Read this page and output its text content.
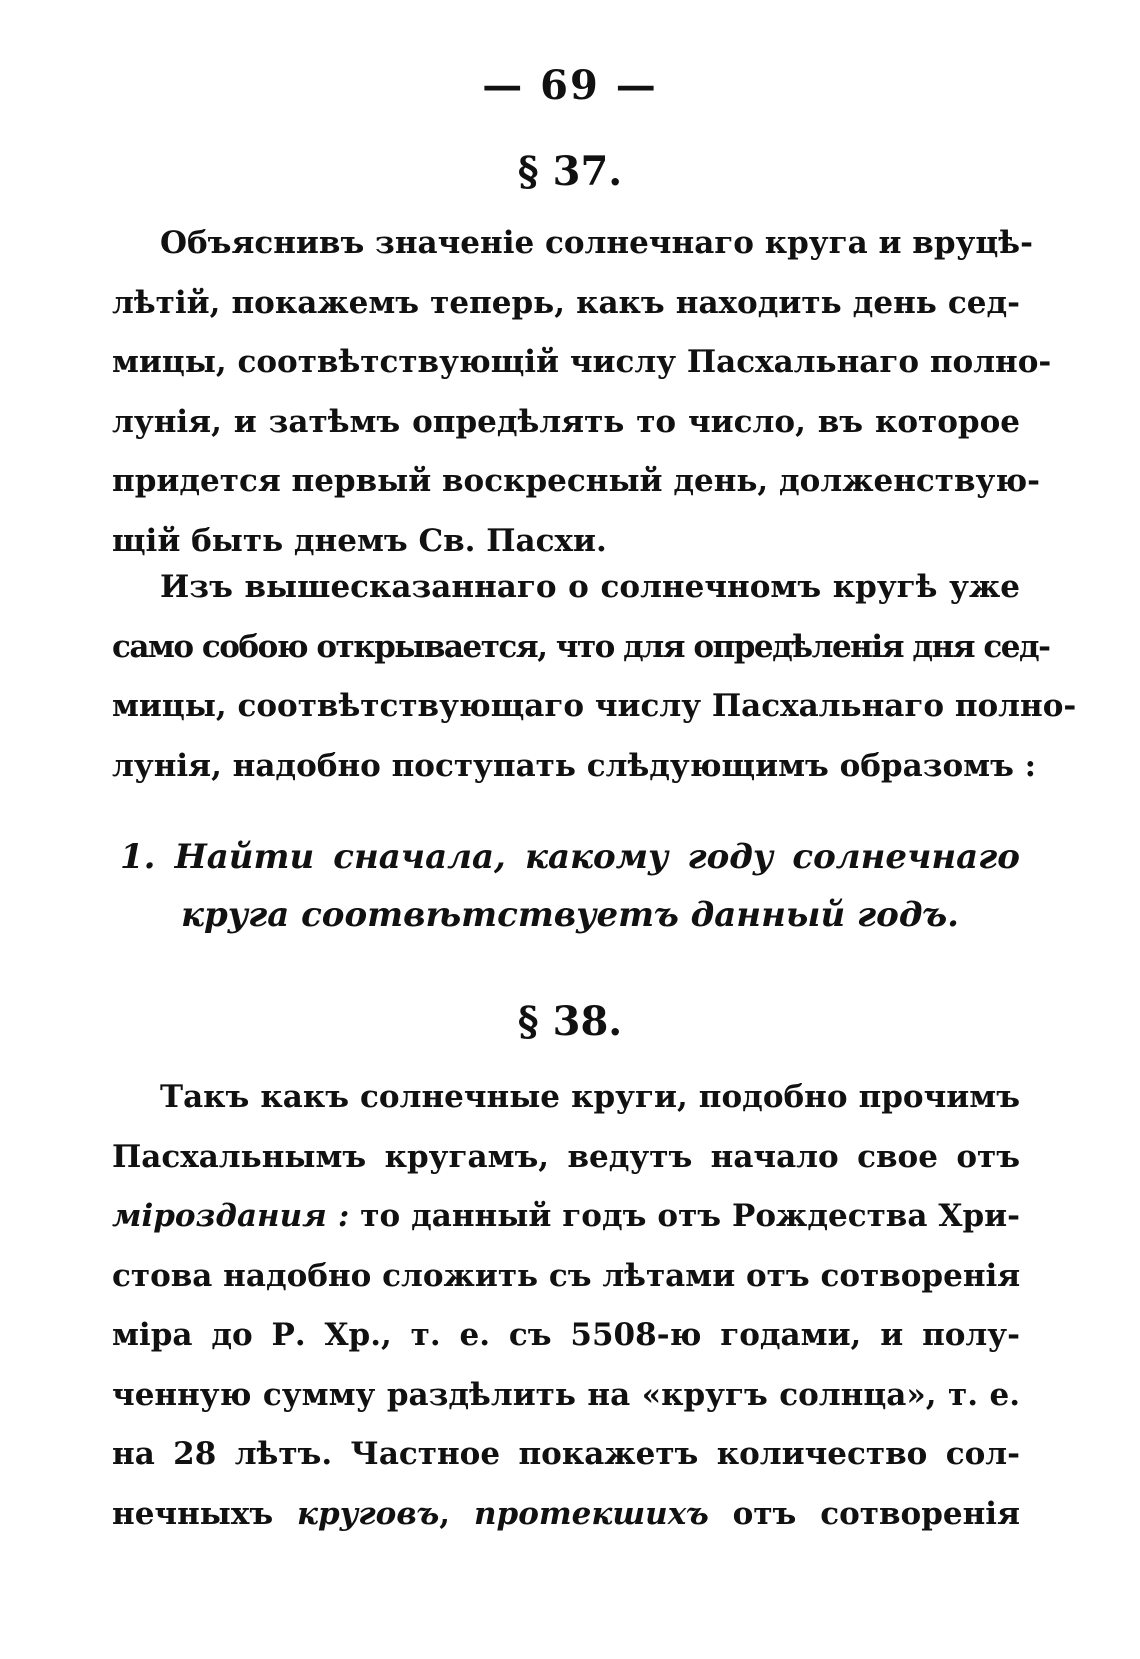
— 69 —
§ 37.
Объяснивъ значеніе солнечнаго круга и вруцѣ-
лѣтій, покажемъ теперь, какъ находить день сед-
мицы, соотвѣтствующій числу Пасхальнаго полно-
лунія, и затѣмъ опредѣлять то число, въ которое
придется первый воскресный день, долженствую-
щій быть днемъ Св. Пасхи.
Изъ вышесказаннаго о солнечномъ кругѣ уже
само собою открывается, что для опредѣленія дня сед-
мицы, соотвѣтствующаго числу Пасхальнаго полно-
лунія, надобно поступать слѣдующимъ образомъ :
1. Найти сначала, какому году солнечнаго
круга соотвѣтствуетъ данный годъ.
§ 38.
Такъ какъ солнечные круги, подобно прочимъ
Пасхальнымъ кругамъ, ведутъ начало свое отъ
міроздания : то данный годъ отъ Рождества Хри-
стова надобно сложить съ лѣтами отъ сотворенія
міра до Р. Хр., т. е. съ 5508-ю годами, и полу-
ченную сумму раздѣлить на «кругъ солнца», т. е.
на 28 лѣтъ. Частное покажетъ количество сол-
нечныхъ круговъ, протекшихъ отъ сотворенія
